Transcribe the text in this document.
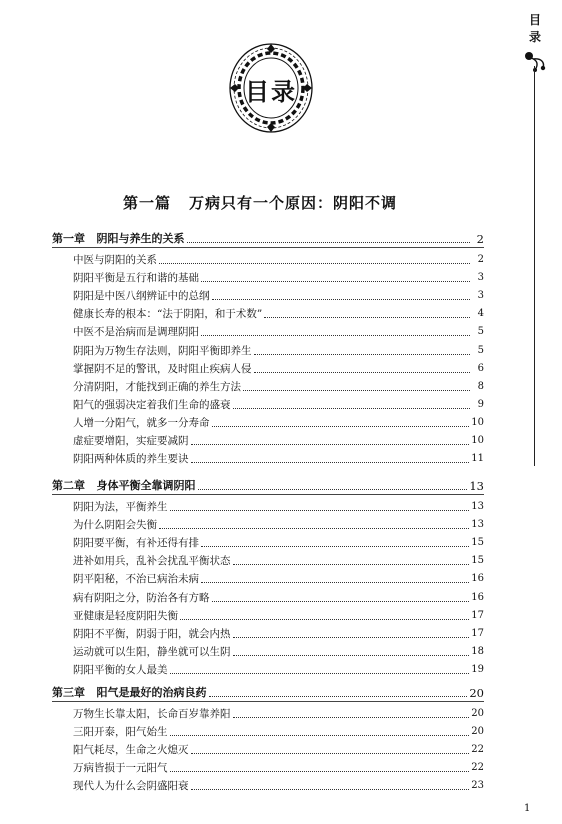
目
录
目录
第一篇 万病只有一个原因：阴阳不调
第一章 阴阳与养生的关系	2
中医与阴阳的关系	2
阴阳平衡是五行和谐的基础	3
阴阳是中医八纲辨证中的总纲	3
健康长寿的根本：“法于阴阳，和于术数”	4
中医不是治病而是调理阴阳	5
阴阳为万物生存法则，阴阳平衡即养生	5
掌握阴不足的警讯，及时阻止疾病人侵	6
分清阴阳，才能找到正确的养生方法	8
阳气的强弱决定着我们生命的盛衰	9
人增一分阳气，就多一分寿命	10
虚症要增阳，实症要减阴	10
阴阳两种体质的养生要诀	11
第二章 身体平衡全靠调阴阳	13
阴阳为法，平衡养生	13
为什么阴阳会失衡	13
阴阳要平衡，有补还得有排	15
进补如用兵，乱补会扰乱平衡状态	15
阴平阳秘，不治已病治未病	16
病有阴阳之分，防治各有方略	16
亚健康是轻度阴阳失衡	17
阴阳不平衡，阴弱于阳，就会内热	17
运动就可以生阳，静坐就可以生阴	18
阴阳平衡的女人最美	19
第三章 阳气是最好的治病良药	20
万物生长靠太阳，长命百岁靠养阳	20
三阳开泰，阳气始生	20
阳气耗尽，生命之火熄灭	22
万病皆损于一元阳气	22
现代人为什么会阴盛阳衰	23
1
